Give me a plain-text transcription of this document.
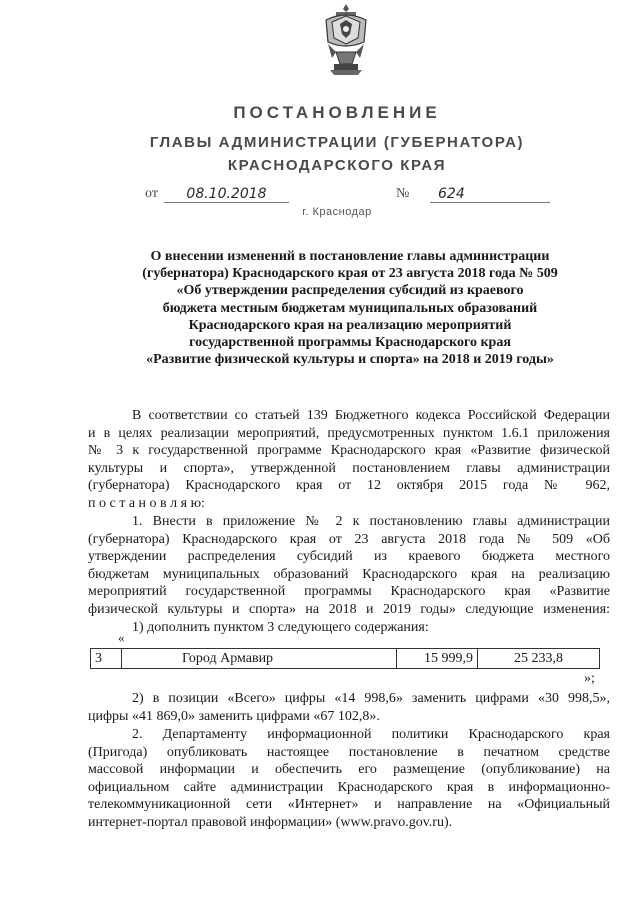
ПОСТАНОВЛЕНИЕ
ГЛАВЫ АДМИНИСТРАЦИИ (ГУБЕРНАТОРА)
КРАСНОДАРСКОГО КРАЯ
от	08.10.2018	№	624
г. Краснодар
О внесении изменений в постановление главы администрации
(губернатора) Краснодарского края от 23 августа 2018 года № 509
«Об утверждении распределения субсидий из краевого
бюджета местным бюджетам муниципальных образований
Краснодарского края на реализацию мероприятий
государственной программы Краснодарского края
«Развитие физической культуры и спорта» на 2018 и 2019 годы»
В соответствии со статьей 139 Бюджетного кодекса Российской Федерации
и в целях реализации мероприятий, предусмотренных пунктом 1.6.1 приложения
№ 3 к государственной программе Краснодарского края «Развитие физической
культуры и спорта», утвержденной постановлением главы администрации
(губернатора) Краснодарского края от 12 октября 2015 года № 962,
п о с т а н о в л я ю:
1. Внести в приложение № 2 к постановлению главы администрации
(губернатора) Краснодарского края от 23 августа 2018 года № 509 «Об
утверждении распределения субсидий из краевого бюджета местного
бюджетам муниципальных образований Краснодарского края на реализацию
мероприятий государственной программы Краснодарского края «Развитие
физической культуры и спорта» на 2018 и 2019 годы» следующие изменения:
1) дополнить пунктом 3 следующего содержания:
«
3	Город Армавир	15 999,9	25 233,8
»;
2) в позиции «Всего» цифры «14 998,6» заменить цифрами «30 998,5»,
цифры «41 869,0» заменить цифрами «67 102,8».
2. Департаменту информационной политики Краснодарского края
(Пригода) опубликовать настоящее постановление в печатном средстве
массовой информации и обеспечить его размещение (опубликование) на
официальном сайте администрации Краснодарского края в информационно-
телекоммуникационной сети «Интернет» и направление на «Официальный
интернет-портал правовой информации» (www.pravo.gov.ru).
